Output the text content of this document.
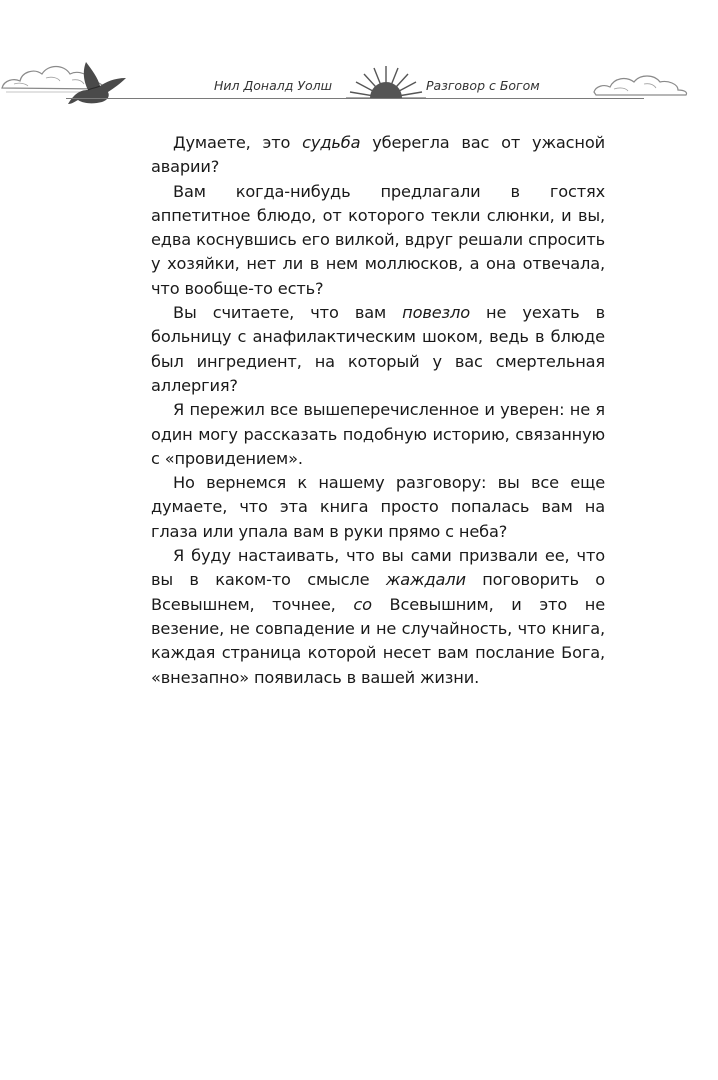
Нил Доналд Уолш	Разговор с Богом

Думаете, это судьба уберегла вас от ужасной аварии?

Вам когда-нибудь предлагали в гостях аппетитное блюдо, от которого текли слюнки, и вы, едва коснувшись его вилкой, вдруг решали спросить у хозяйки, нет ли в нем моллюсков, а она отвечала, что вообще-то есть?

Вы считаете, что вам повезло не уехать в больницу с анафилактическим шоком, ведь в блюде был ингредиент, на который у вас смертельная аллергия?

Я пережил все вышеперечисленное и уверен: не я один могу рассказать подобную историю, связанную с «провидением».

Но вернемся к нашему разговору: вы все еще думаете, что эта книга просто попалась вам на глаза или упала вам в руки прямо с неба?

Я буду настаивать, что вы сами призвали ее, что вы в каком-то смысле жаждали поговорить о Всевышнем, точнее, со Всевышним, и это не везение, не совпадение и не случайность, что книга, каждая страница которой несет вам послание Бога, «внезапно» появилась в вашей жизни.
